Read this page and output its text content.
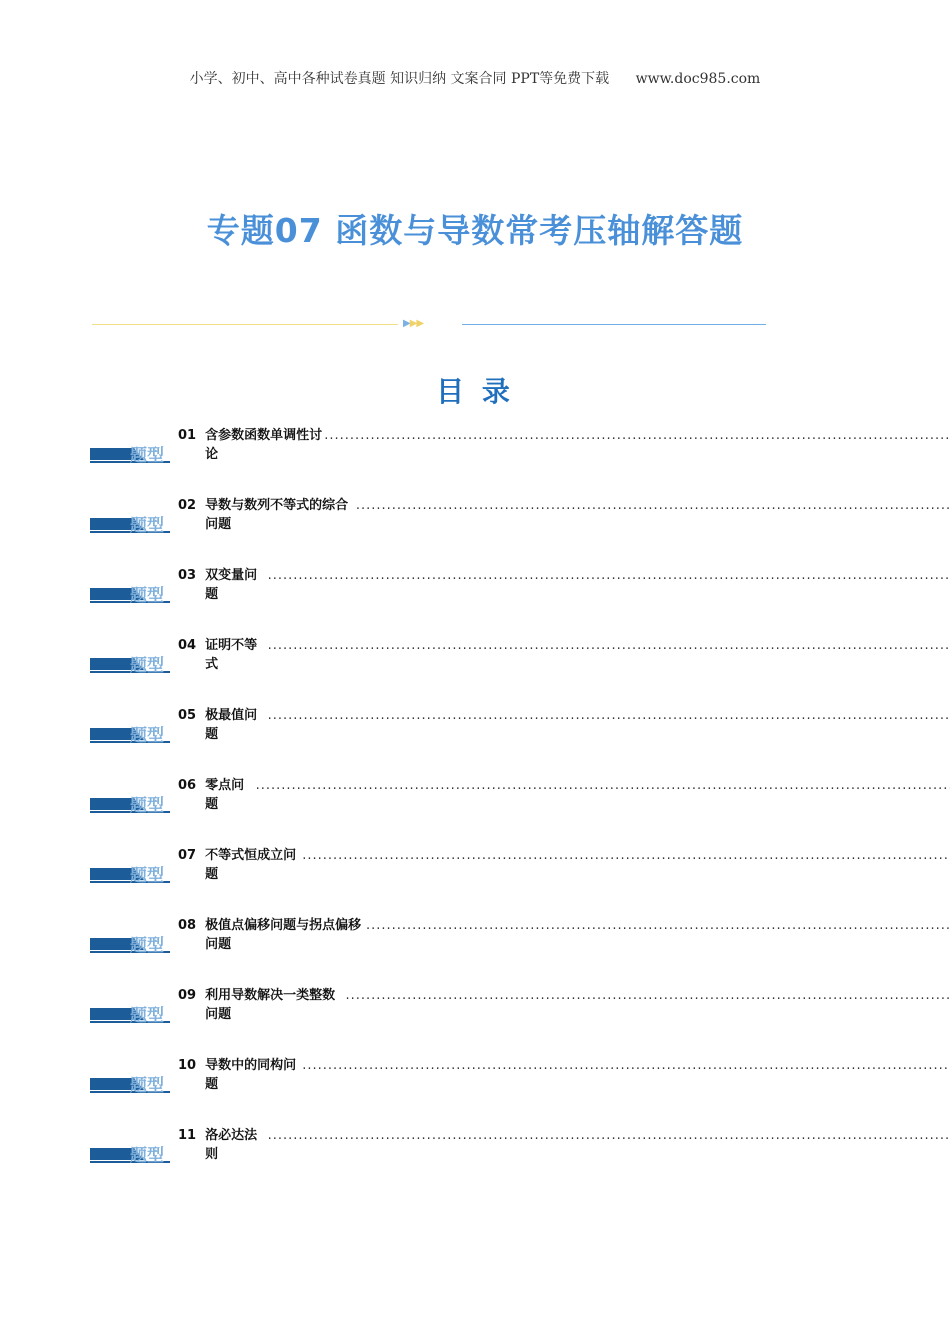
小学、初中、高中各种试卷真题 知识归纳 文案合同 PPT等免费下载 www.doc985.com
专题07 函数与导数常考压轴解答题
▶▶▶
目 录
题型
01 含参数函数单调性讨论
.....
题型
02 导数与数列不等式的综合问题
.....
题型
03 双变量问题
.....
题型
04 证明不等式
.....
题型
05 极最值问题
.....
题型
06 零点问题
.....
题型
07 不等式恒成立问题
.....
题型
08 极值点偏移问题与拐点偏移问题
.....
题型
09 利用导数解决一类整数问题
.....
题型
10 导数中的同构问题
.....
题型
11 洛必达法则
.....
